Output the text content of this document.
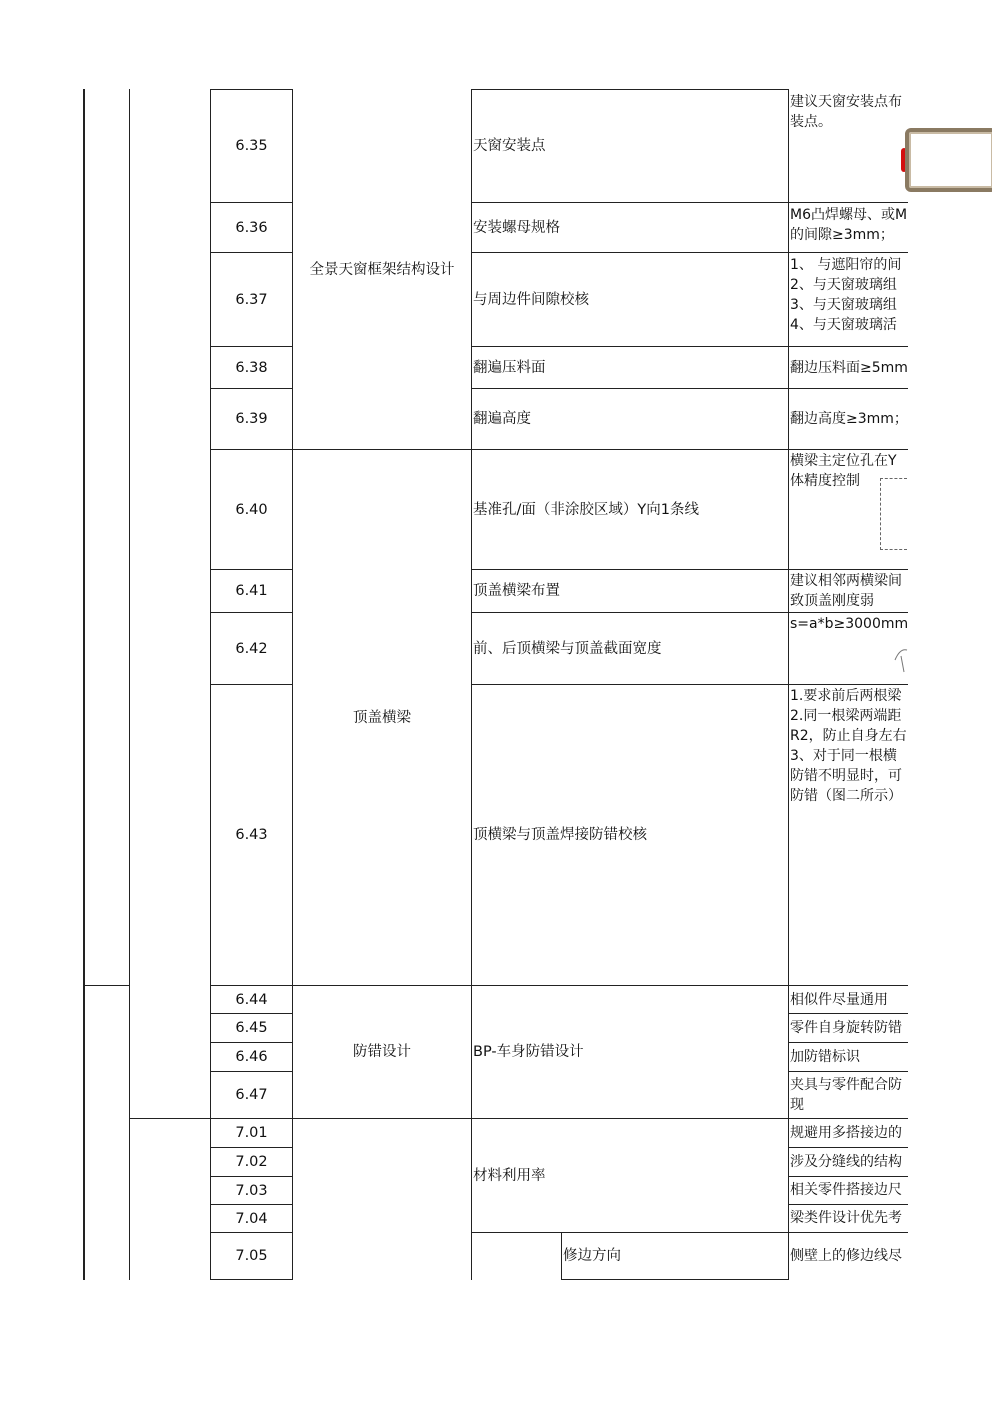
6.35
6.36
6.37
6.38
6.39
6.40
6.41
6.42
6.43
6.44
6.45
6.46
6.47
7.01
7.02
7.03
7.04
7.05
全景天窗框架结构设计
顶盖横梁
防错设计
天窗安装点
安装螺母规格
与周边件间隙校核
翻遍压料面
翻遍高度
基准孔/面（非涂胶区域）Y向1条线
顶盖横梁布置
前、后顶横梁与顶盖截面宽度
顶横梁与顶盖焊接防错校核
BP-车身防错设计
材料利用率
修边方向
建议天窗安装点布
装点。
M6凸焊螺母、或M
的间隙≥3mm；
1、 与遮阳帘的间
2、与天窗玻璃组
3、与天窗玻璃组
4、与天窗玻璃活
翻边压料面≥5mm
翻边高度≥3mm；
横梁主定位孔在Y
体精度控制
建议相邻两横梁间
致顶盖刚度弱
s=a*b≥3000mm
1.要求前后两根梁
2.同一根梁两端距
R2，防止自身左右
3、对于同一根横
防错不明显时，可
防错（图二所示）
相似件尽量通用
零件自身旋转防错
加防错标识
夹具与零件配合防
现
规避用多搭接边的
涉及分缝线的结构
相关零件搭接边尺
梁类件设计优先考
侧壁上的修边线尽
